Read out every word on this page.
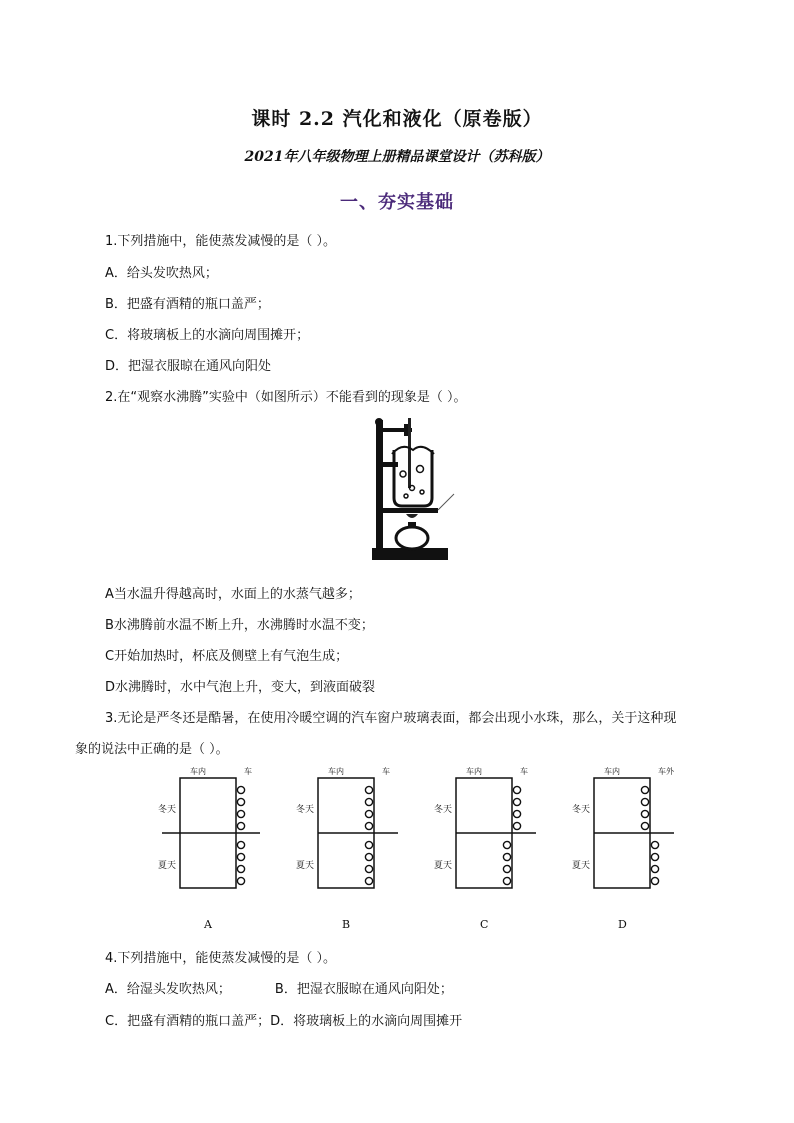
课时 2.2 汽化和液化（原卷版）
2021年八年级物理上册精品课堂设计（苏科版）
一、夯实基础
1.下列措施中，能使蒸发减慢的是（ ）。
A．给头发吹热风；
B．把盛有酒精的瓶口盖严；
C．将玻璃板上的水滴向周围摊开；
D．把湿衣服晾在通风向阳处
2.在“观察水沸腾”实验中（如图所示）不能看到的现象是（ ）。
A当水温升得越高时，水面上的水蒸气越多；
B水沸腾前水温不断上升，水沸腾时水温不变；
C开始加热时，杯底及侧壁上有气泡生成；
D水沸腾时，水中气泡上升，变大，到液面破裂
3.无论是严冬还是酷暑，在使用冷暖空调的汽车窗户玻璃表面，都会出现小水珠，那么，关于这种现
象的说法中正确的是（ ）。
冬天
夏天
车内	车
A
冬天
夏天
车内	车
B
冬天
夏天
车内	车
C
冬天
夏天
车内	车外
D
4.下列措施中，能使蒸发减慢的是（ ）。
A．给湿头发吹热风；	B．把湿衣服晾在通风向阳处；
C．把盛有酒精的瓶口盖严；D．将玻璃板上的水滴向周围摊开
